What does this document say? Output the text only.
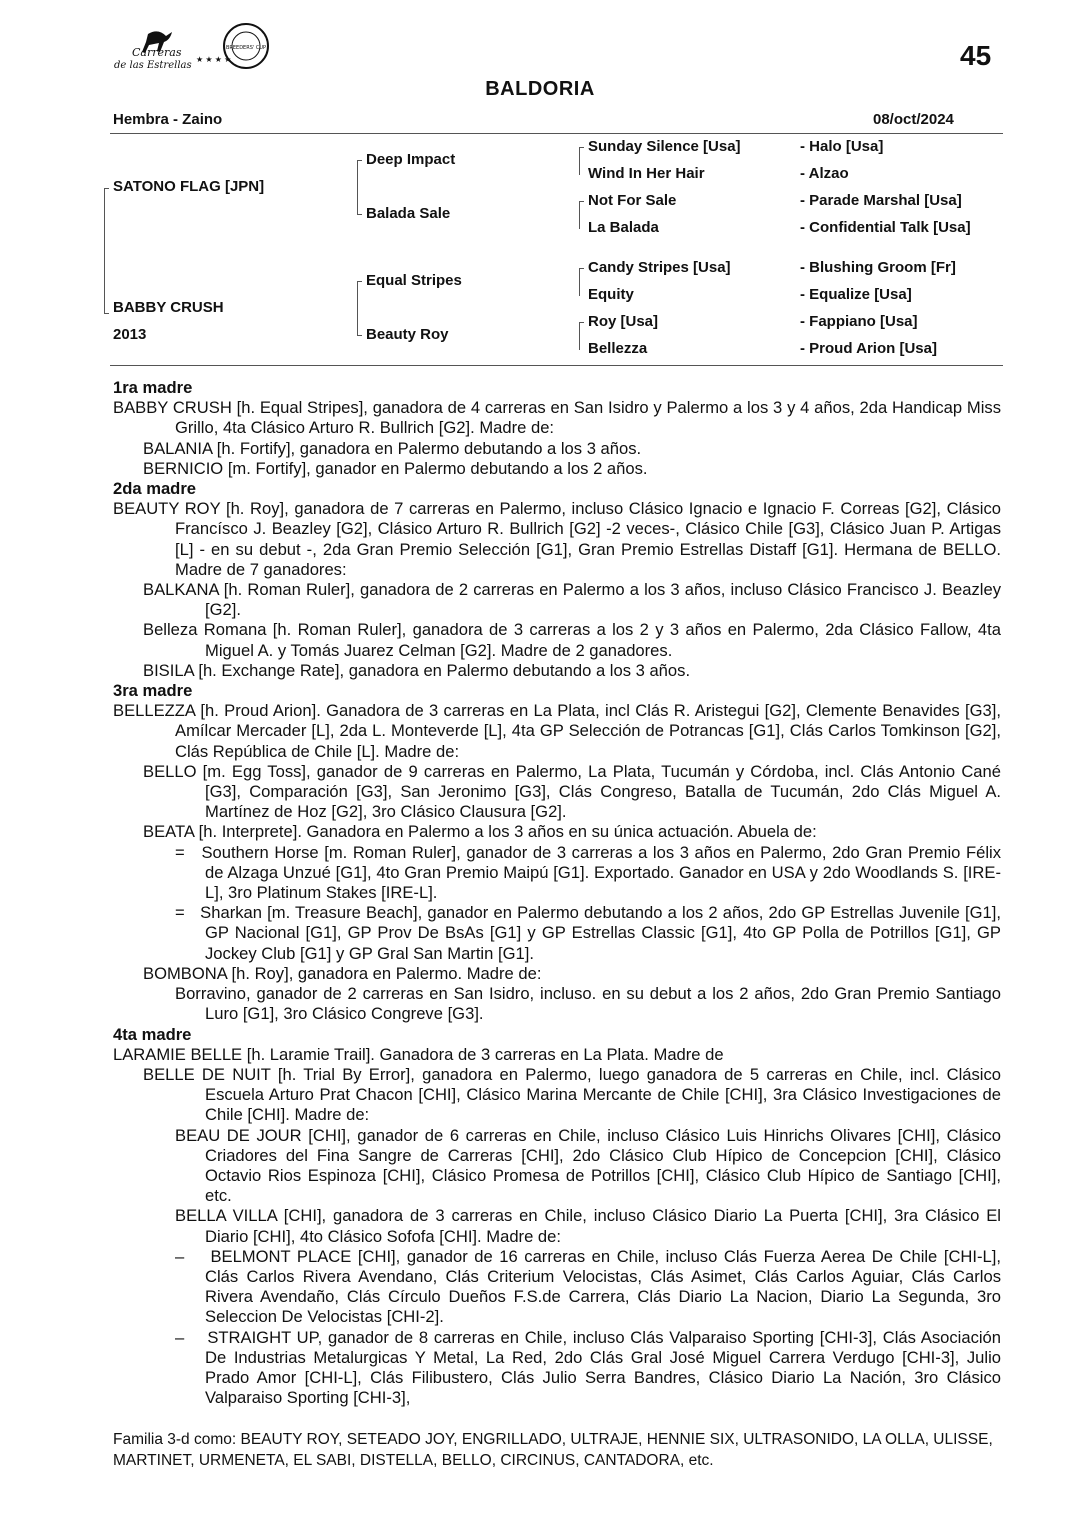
Carreras
de las Estrellas
BREEDERS' CUP
★ ★ ★ ★	45
BALDORIA
Hembra - Zaino	08/oct/2024
SATONO FLAG [JPN]
BABBY CRUSH
2013
Deep Impact
Balada Sale
Equal Stripes
Beauty Roy
Sunday Silence [Usa]
Wind In Her Hair
Not For Sale
La Balada
Candy Stripes [Usa]
Equity
Roy [Usa]
Bellezza
- Halo [Usa]
- Alzao
- Parade Marshal [Usa]
- Confidential Talk [Usa]
- Blushing Groom [Fr]
- Equalize [Usa]
- Fappiano [Usa]
- Proud Arion [Usa]

1ra madre

BABBY CRUSH [h. Equal Stripes], ganadora de 4 carreras en San Isidro y Palermo a los 3 y 4 años, 2da Handicap Miss Grillo, 4ta Clásico Arturo R. Bullrich [G2]. Madre de:

BALANIA [h. Fortify], ganadora en Palermo debutando a los 3 años.

BERNICIO [m. Fortify], ganador en Palermo debutando a los 2 años.

2da madre

BEAUTY ROY [h. Roy], ganadora de 7 carreras en Palermo, incluso Clásico Ignacio e Ignacio F. Correas [G2], Clásico Francísco J. Beazley [G2], Clásico Arturo R. Bullrich [G2] -2 veces-, Clásico Chile [G3], Clásico Juan P. Artigas [L] - en su debut -, 2da Gran Premio Selección [G1], Gran Premio Estrellas Distaff [G1]. Hermana de BELLO. Madre de 7 ganadores:

BALKANA [h. Roman Ruler], ganadora de 2 carreras en Palermo a los 3 años, incluso Clásico Francisco J. Beazley [G2].

Belleza Romana [h. Roman Ruler], ganadora de 3 carreras a los 2 y 3 años en Palermo, 2da Clásico Fallow, 4ta Miguel A. y Tomás Juarez Celman [G2]. Madre de 2 ganadores.

BISILA [h. Exchange Rate], ganadora en Palermo debutando a los 3 años.

3ra madre

BELLEZZA [h. Proud Arion]. Ganadora de 3 carreras en La Plata, incl Clás R. Aristegui [G2], Clemente Benavides [G3], Amílcar Mercader [L], 2da L. Monteverde [L], 4ta GP Selección de Potrancas [G1], Clás Carlos Tomkinson [G2], Clás República de Chile [L]. Madre de:

BELLO [m. Egg Toss], ganador de 9 carreras en Palermo, La Plata, Tucumán y Córdoba, incl. Clás Antonio Cané [G3], Comparación [G3], San Jeronimo [G3], Clás Congreso, Batalla de Tucumán, 2do Clás Miguel A. Martínez de Hoz [G2], 3ro Clásico Clausura [G2].

BEATA [h. Interprete]. Ganadora en Palermo a los 3 años en su única actuación. Abuela de:

=   Southern Horse [m. Roman Ruler], ganador de 3 carreras a los 3 años en Palermo, 2do Gran Premio Félix de Alzaga Unzué [G1], 4to Gran Premio Maipú [G1]. Exportado. Ganador en USA y 2do Woodlands S. [IRE-L], 3ro Platinum Stakes [IRE-L].

=   Sharkan [m. Treasure Beach], ganador en Palermo debutando a los 2 años, 2do GP Estrellas Juvenile [G1], GP Nacional [G1], GP Prov De BsAs [G1] y GP Estrellas Classic [G1], 4to GP Polla de Potrillos [G1], GP Jockey Club [G1] y GP Gral San Martin [G1].

BOMBONA [h. Roy], ganadora en Palermo. Madre de:

Borravino, ganador de 2 carreras en San Isidro, incluso. en su debut a los 2 años, 2do Gran Premio Santiago Luro [G1], 3ro Clásico Congreve [G3].

4ta madre

LARAMIE BELLE [h. Laramie Trail]. Ganadora de 3 carreras en La Plata. Madre de

BELLE DE NUIT [h. Trial By Error], ganadora en Palermo, luego ganadora de 5 carreras en Chile, incl. Clásico Escuela Arturo Prat Chacon [CHI], Clásico Marina Mercante de Chile [CHI], 3ra Clásico Investigaciones de Chile [CHI]. Madre de:

BEAU DE JOUR [CHI], ganador de 6 carreras en Chile, incluso Clásico Luis Hinrichs Olivares [CHI], Clásico Criadores del Fina Sangre de Carreras [CHI], 2do Clásico Club Hípico de Concepcion [CHI], Clásico Octavio Rios Espinoza [CHI], Clásico Promesa de Potrillos [CHI], Clásico Club Hípico de Santiago [CHI], etc.

BELLA VILLA [CHI], ganadora de 3 carreras en Chile, incluso Clásico Diario La Puerta [CHI], 3ra Clásico El Diario [CHI], 4to Clásico Sofofa [CHI]. Madre de:

–    BELMONT PLACE [CHI], ganador de 16 carreras en Chile, incluso Clás Fuerza Aerea De Chile [CHI-L], Clás Carlos Rivera Avendano, Clás Criterium Velocistas, Clás Asimet, Clás Carlos Aguiar, Clás Carlos Rivera Avendaño, Clás Círculo Dueños F.S.de Carrera, Clás Diario La Nacion, Diario La Segunda, 3ro Seleccion De Velocistas [CHI-2].

–    STRAIGHT UP, ganador de 8 carreras en Chile, incluso Clás Valparaiso Sporting [CHI-3], Clás Asociación De Industrias Metalurgicas Y Metal, La Red, 2do Clás Gral José Miguel Carrera Verdugo [CHI-3], Julio Prado Amor [CHI-L], Clás Filibustero, Clás Julio Serra Bandres, Clásico Diario La Nación, 3ro Clásico Valparaiso Sporting [CHI-3],

Familia 3-d como: BEAUTY ROY, SETEADO JOY, ENGRILLADO, ULTRAJE, HENNIE SIX, ULTRASONIDO, LA OLLA, ULISSE, MARTINET, URMENETA, EL SABI, DISTELLA, BELLO, CIRCINUS, CANTADORA, etc.
